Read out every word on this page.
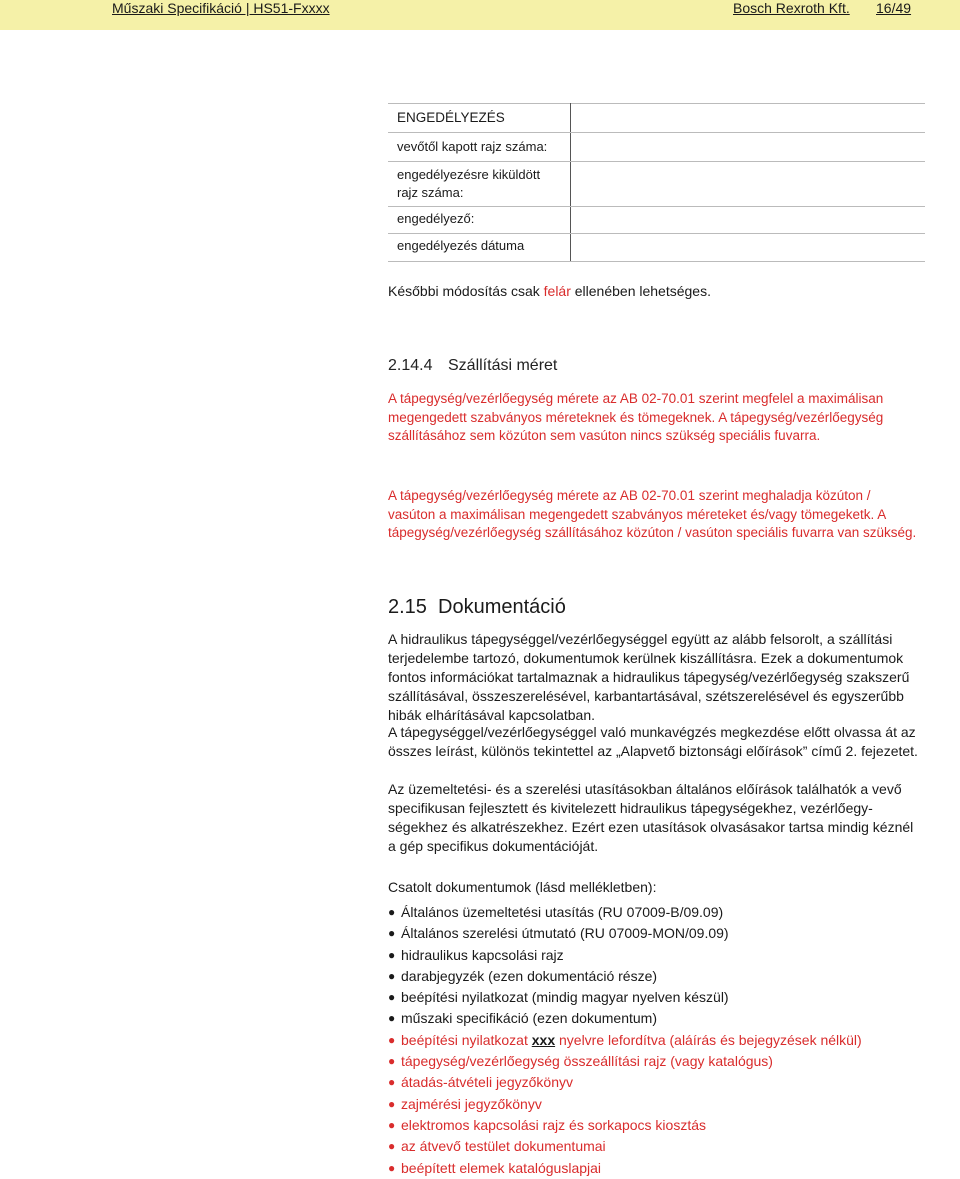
Műszaki Specifikáció | HS51-Fxxxx	Bosch Rexroth Kft. 16/49
ENGEDÉLYEZÉS
vevőtől kapott rajz száma:
engedélyezésre kiküldött
rajz száma:
engedélyező:
engedélyezés dátuma
Későbbi módosítás csak felár ellenében lehetséges.
2.14.4 Szállítási méret

A tápegység/vezérlőegység mérete az AB 02-70.01 szerint megfelel a maximálisan megengedett szabványos méreteknek és tömegeknek. A tápegység/vezérlőegység szállításához sem közúton sem vasúton nincs szükség speciális fuvarra.

A tápegység/vezérlőegység mérete az AB 02-70.01 szerint meghaladja közúton / vasúton a maximálisan megengedett szabványos méreteket és/vagy tömegeketk. A tápegység/vezérlőegység szállításához közúton / vasúton speciális fuvarra van szükség.

2.15 Dokumentáció

A hidraulikus tápegységgel/vezérlőegységgel együtt az alább felsorolt, a szállítási terjedelembe tartozó, dokumentumok kerülnek kiszállításra. Ezek a dokumentumok fontos információkat tartalmaznak a hidraulikus tápegység/vezérlőegység szakszerű szállításával, összeszerelésével, karbantartásával, szétszerelésével és egyszerűbb hibák elhárításával kapcsolatban.

A tápegységgel/vezérlőegységgel való munkavégzés megkezdése előtt olvassa át az összes leírást, különös tekintettel az „Alapvető biztonsági előírások” című 2. fejezetet.

Az üzemeltetési- és a szerelési utasításokban általános előírások találhatók a vevő specifikusan fejlesztett és kivitelezett hidraulikus tápegységekhez, vezérlőegységekhez és alkatrészekhez. Ezért ezen utasítások olvasásakor tartsa mindig kéznél a gép specifikus dokumentációját.

Csatolt dokumentumok (lásd mellékletben):
● Általános üzemeltetési utasítás (RU 07009-B/09.09)
● Általános szerelési útmutató (RU 07009-MON/09.09)
● hidraulikus kapcsolási rajz
● darabjegyzék (ezen dokumentáció része)
● beépítési nyilatkozat (mindig magyar nyelven készül)
● műszaki specifikáció (ezen dokumentum)
● beépítési nyilatkozat xxx nyelvre lefordítva (aláírás és bejegyzések nélkül)
● tápegység/vezérlőegység összeállítási rajz (vagy katalógus)
● átadás-átvételi jegyzőkönyv
● zajmérési jegyzőkönyv
● elektromos kapcsolási rajz és sorkapocs kiosztás
● az átvevő testület dokumentumai
● beépített elemek katalóguslapjai
